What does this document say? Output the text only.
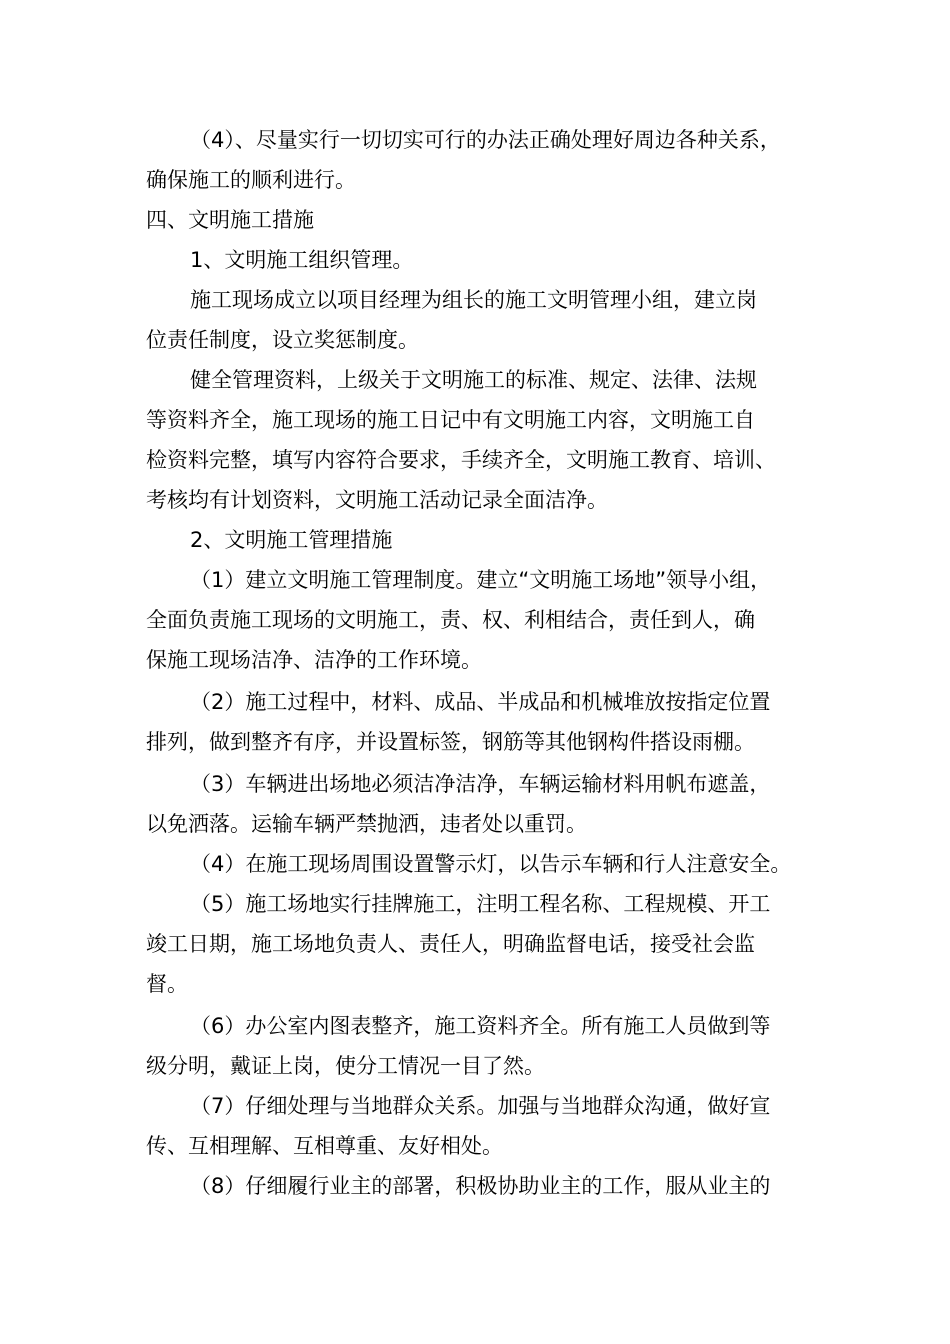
（4）、尽量实行一切切实可行的办法正确处理好周边各种关系，
确保施工的顺利进行。
四、文明施工措施
1、文明施工组织管理。
施工现场成立以项目经理为组长的施工文明管理小组，建立岗
位责任制度，设立奖惩制度。
健全管理资料，上级关于文明施工的标准、规定、法律、法规
等资料齐全，施工现场的施工日记中有文明施工内容，文明施工自
检资料完整，填写内容符合要求，手续齐全，文明施工教育、培训、
考核均有计划资料，文明施工活动记录全面洁净。
2、文明施工管理措施
（1）建立文明施工管理制度。建立“文明施工场地”领导小组，
全面负责施工现场的文明施工，责、权、利相结合，责任到人，确
保施工现场洁净、洁净的工作环境。
（2）施工过程中，材料、成品、半成品和机械堆放按指定位置
排列，做到整齐有序，并设置标签，钢筋等其他钢构件搭设雨棚。
（3）车辆进出场地必须洁净洁净，车辆运输材料用帆布遮盖，
以免洒落。运输车辆严禁抛洒，违者处以重罚。
（4）在施工现场周围设置警示灯，以告示车辆和行人注意安全。
（5）施工场地实行挂牌施工，注明工程名称、工程规模、开工
竣工日期，施工场地负责人、责任人，明确监督电话，接受社会监
督。
（6）办公室内图表整齐，施工资料齐全。所有施工人员做到等
级分明，戴证上岗，使分工情况一目了然。
（7）仔细处理与当地群众关系。加强与当地群众沟通，做好宣
传、互相理解、互相尊重、友好相处。
（8）仔细履行业主的部署，积极协助业主的工作，服从业主的
